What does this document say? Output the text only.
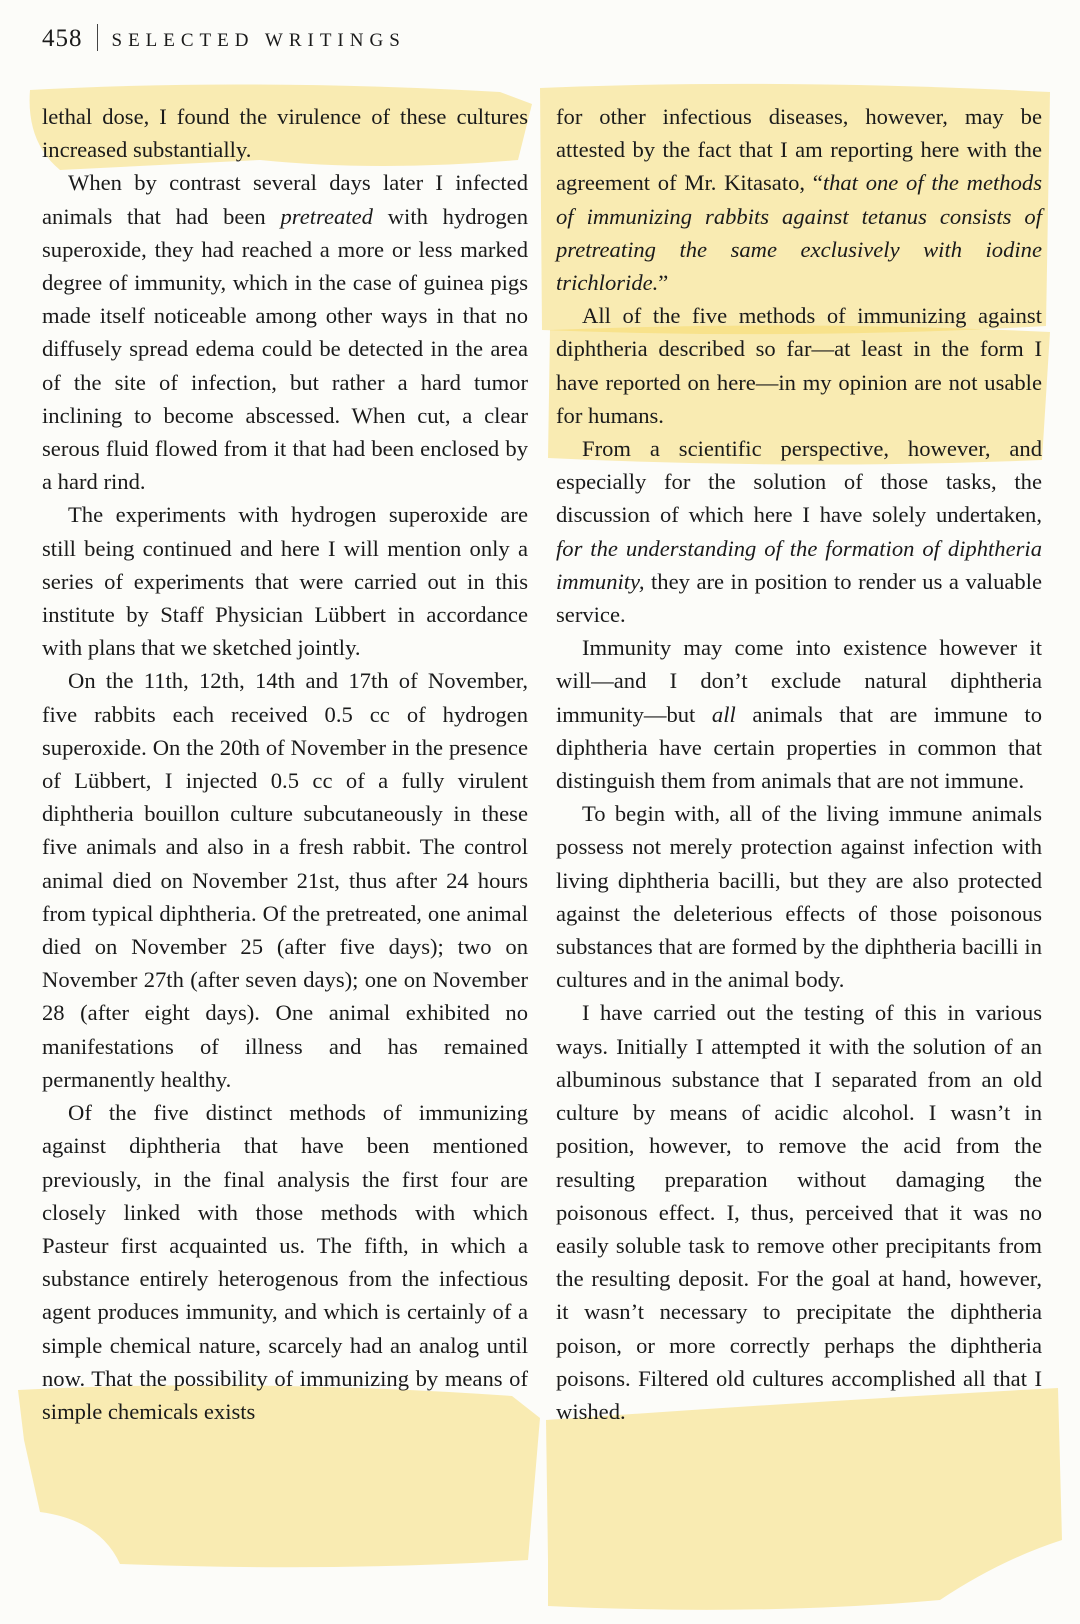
458 SELECTED WRITINGS

lethal dose, I found the virulence of these cultures increased substantially.

When by contrast several days later I infected animals that had been pretreated with hydrogen superoxide, they had reached a more or less marked degree of immunity, which in the case of guinea pigs made itself noticeable among other ways in that no diffusely spread edema could be detected in the area of the site of infection, but rather a hard tumor inclining to become abscessed. When cut, a clear serous fluid flowed from it that had been enclosed by a hard rind.

The experiments with hydrogen superoxide are still being continued and here I will mention only a series of experiments that were carried out in this institute by Staff Physician Lübbert in accordance with plans that we sketched jointly.

On the 11th, 12th, 14th and 17th of November, five rabbits each received 0.5 cc of hydrogen superoxide. On the 20th of November in the presence of Lübbert, I injected 0.5 cc of a fully virulent diphtheria bouillon culture subcutaneously in these five animals and also in a fresh rabbit. The control animal died on November 21st, thus after 24 hours from typical diphtheria. Of the pretreated, one animal died on November 25 (after five days); two on November 27th (after seven days); one on November 28 (after eight days). One animal exhibited no manifestations of illness and has remained permanently healthy.

Of the five distinct methods of immunizing against diphtheria that have been mentioned previously, in the final analysis the first four are closely linked with those methods with which Pasteur first acquainted us. The fifth, in which a substance entirely heterogenous from the infectious agent produces immunity, and which is certainly of a simple chemical nature, scarcely had an analog until now. That the possibility of immunizing by means of simple chemicals exists

for other infectious diseases, however, may be attested by the fact that I am reporting here with the agreement of Mr. Kitasato, “that one of the methods of immunizing rabbits against tetanus consists of pretreating the same exclusively with iodine trichloride.”

All of the five methods of immunizing against diphtheria described so far—at least in the form I have reported on here—in my opinion are not usable for humans.

From a scientific perspective, however, and especially for the solution of those tasks, the discussion of which here I have solely undertaken, for the understanding of the formation of diphtheria immunity, they are in position to render us a valuable service.

Immunity may come into existence however it will—and I don’t exclude natural diphtheria immunity—but all animals that are immune to diphtheria have certain properties in common that distinguish them from animals that are not immune.

To begin with, all of the living immune animals possess not merely protection against infection with living diphtheria bacilli, but they are also protected against the deleterious effects of those poisonous substances that are formed by the diphtheria bacilli in cultures and in the animal body.

I have carried out the testing of this in various ways. Initially I attempted it with the solution of an albuminous substance that I separated from an old culture by means of acidic alcohol. I wasn’t in position, however, to remove the acid from the resulting preparation without damaging the poisonous effect. I, thus, perceived that it was no easily soluble task to remove other precipitants from the resulting deposit. For the goal at hand, however, it wasn’t necessary to precipitate the diphtheria poison, or more correctly perhaps the diphtheria poisons. Filtered old cultures accomplished all that I wished.
